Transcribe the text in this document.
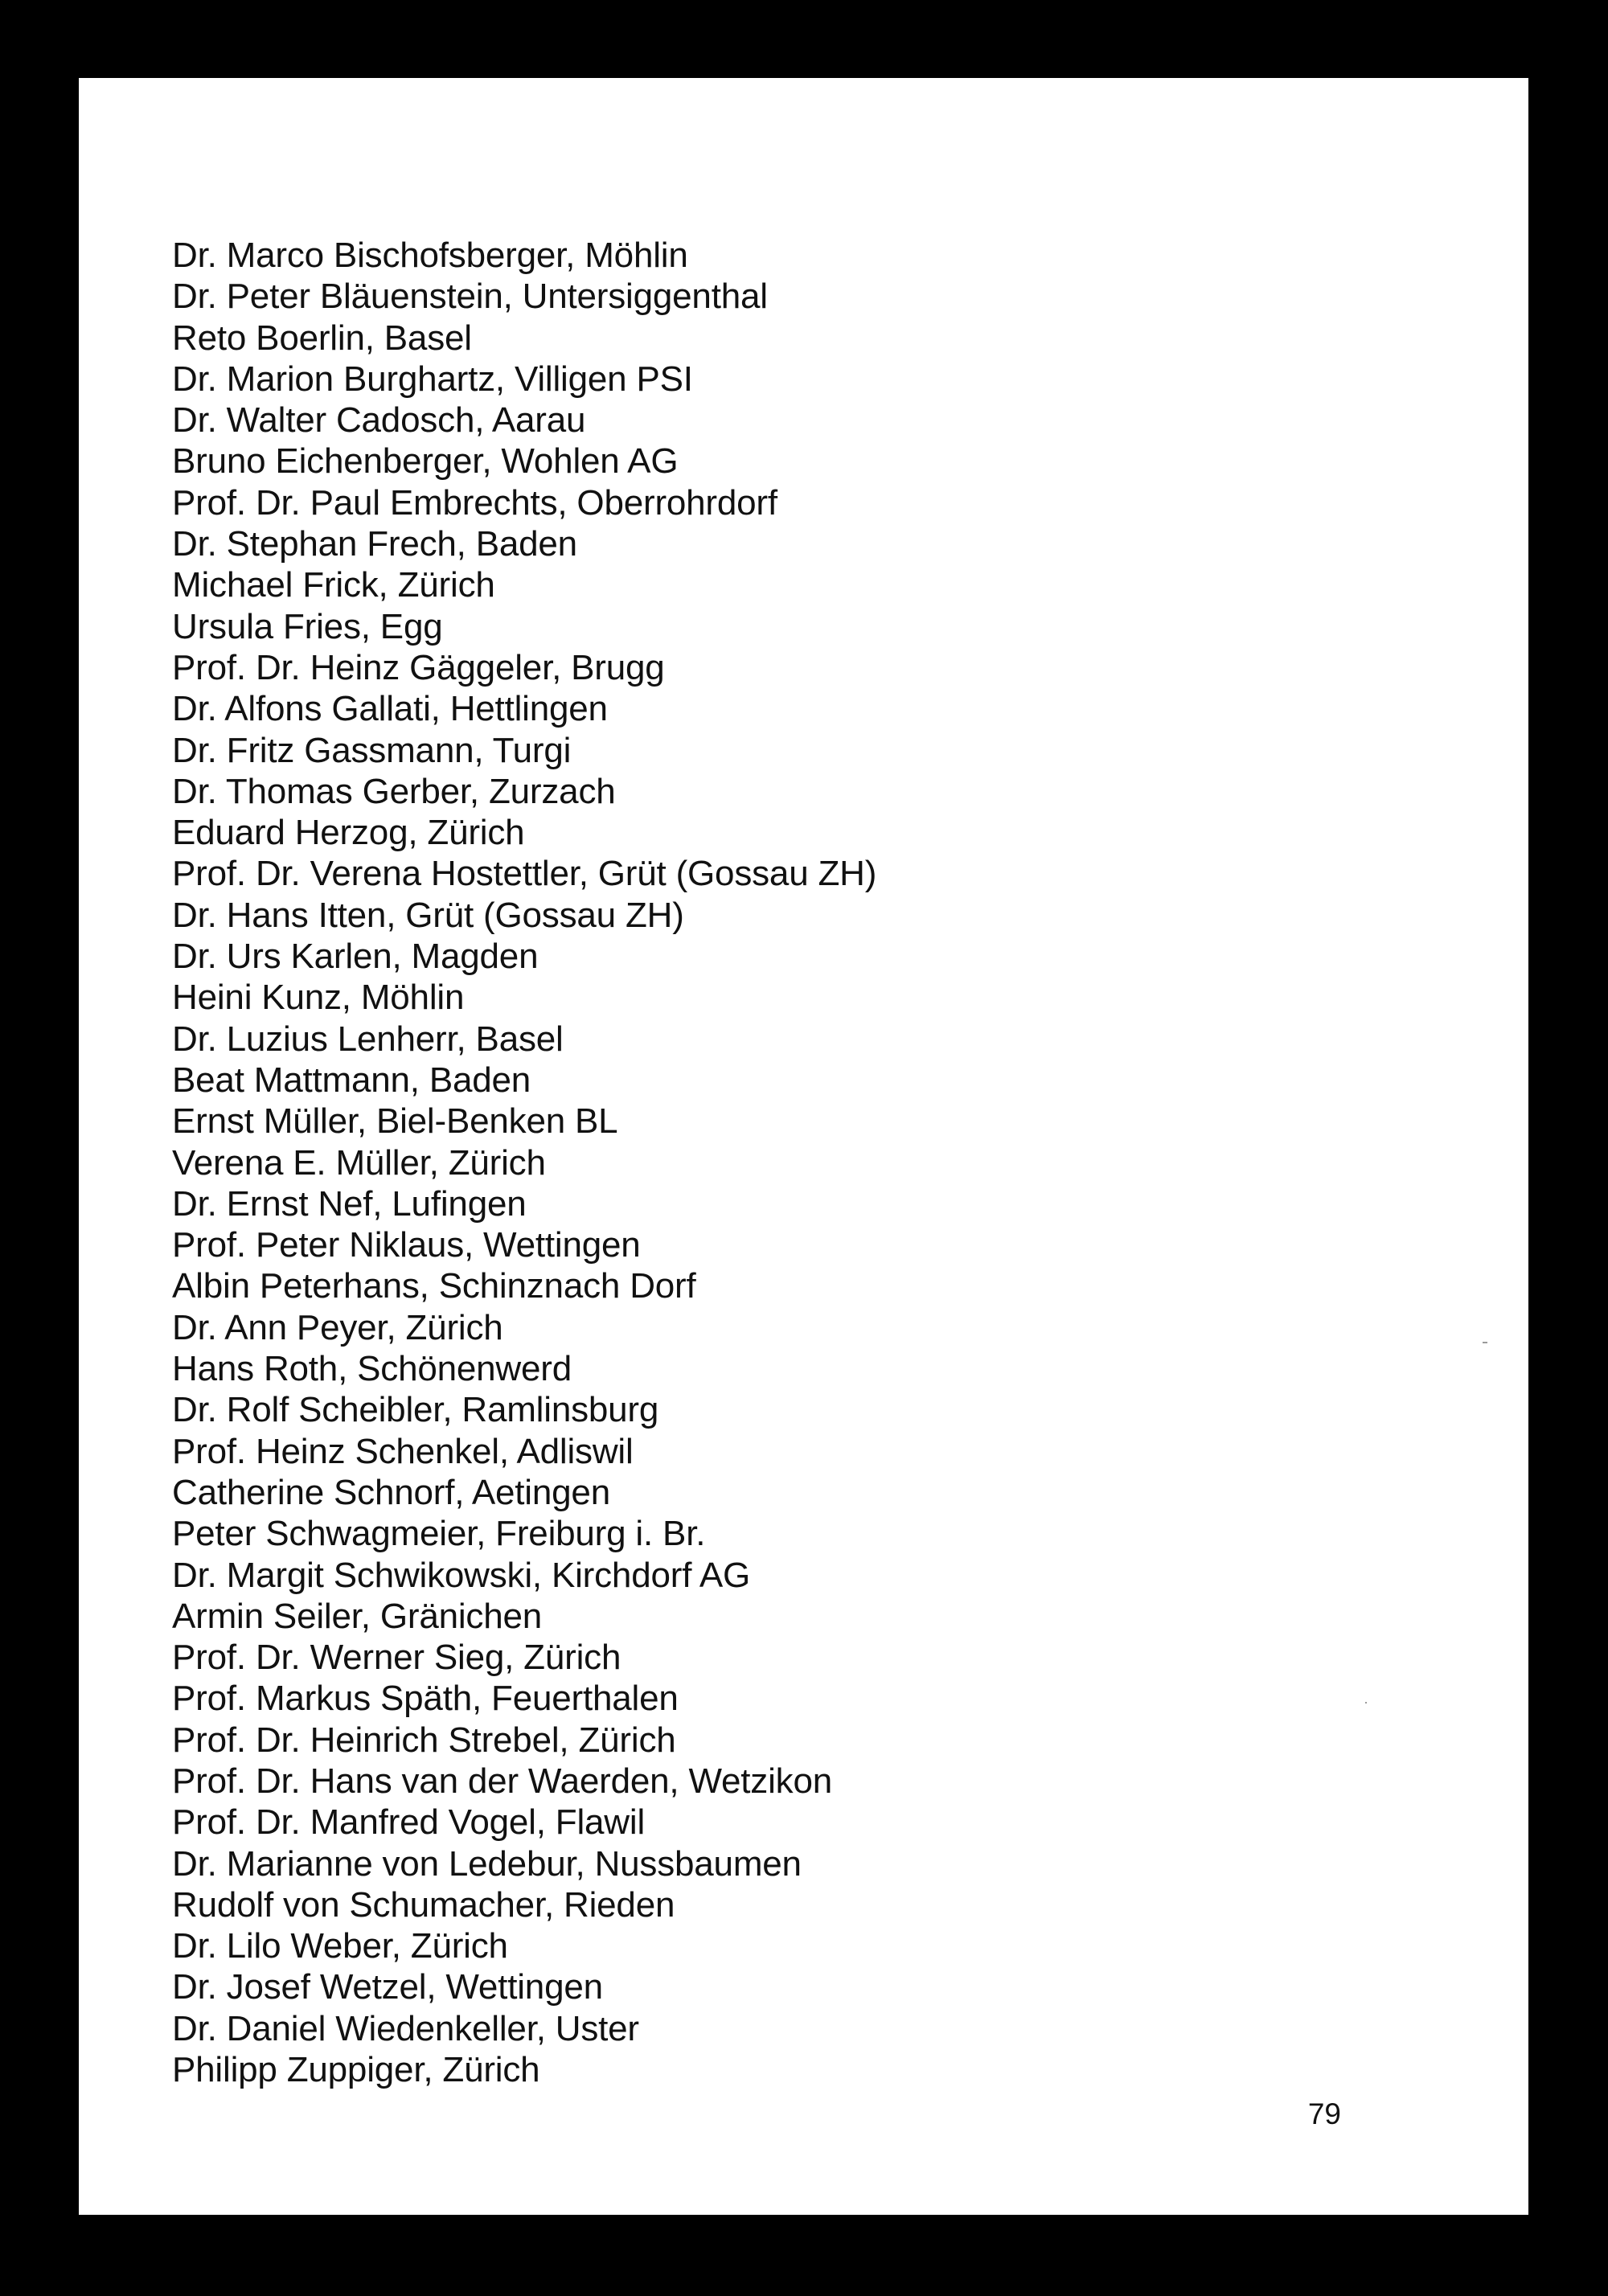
Dr. Marco Bischofsberger, Möhlin
Dr. Peter Bläuenstein, Untersiggenthal
Reto Boerlin, Basel
Dr. Marion Burghartz, Villigen PSI
Dr. Walter Cadosch, Aarau
Bruno Eichenberger, Wohlen AG
Prof. Dr. Paul Embrechts, Oberrohrdorf
Dr. Stephan Frech, Baden
Michael Frick, Zürich
Ursula Fries, Egg
Prof. Dr. Heinz Gäggeler, Brugg
Dr. Alfons Gallati, Hettlingen
Dr. Fritz Gassmann, Turgi
Dr. Thomas Gerber, Zurzach
Eduard Herzog, Zürich
Prof. Dr. Verena Hostettler, Grüt (Gossau ZH)
Dr. Hans Itten, Grüt (Gossau ZH)
Dr. Urs Karlen, Magden
Heini Kunz, Möhlin
Dr. Luzius Lenherr, Basel
Beat Mattmann, Baden
Ernst Müller, Biel-Benken BL
Verena E. Müller, Zürich
Dr. Ernst Nef, Lufingen
Prof. Peter Niklaus, Wettingen
Albin Peterhans, Schinznach Dorf
Dr. Ann Peyer, Zürich
Hans Roth, Schönenwerd
Dr. Rolf Scheibler, Ramlinsburg
Prof. Heinz Schenkel, Adliswil
Catherine Schnorf, Aetingen
Peter Schwagmeier, Freiburg i. Br.
Dr. Margit Schwikowski, Kirchdorf AG
Armin Seiler, Gränichen
Prof. Dr. Werner Sieg, Zürich
Prof. Markus Späth, Feuerthalen
Prof. Dr. Heinrich Strebel, Zürich
Prof. Dr. Hans van der Waerden, Wetzikon
Prof. Dr. Manfred Vogel, Flawil
Dr. Marianne von Ledebur, Nussbaumen
Rudolf von Schumacher, Rieden
Dr. Lilo Weber, Zürich
Dr. Josef Wetzel, Wettingen
Dr. Daniel Wiedenkeller, Uster
Philipp Zuppiger, Zürich
79
